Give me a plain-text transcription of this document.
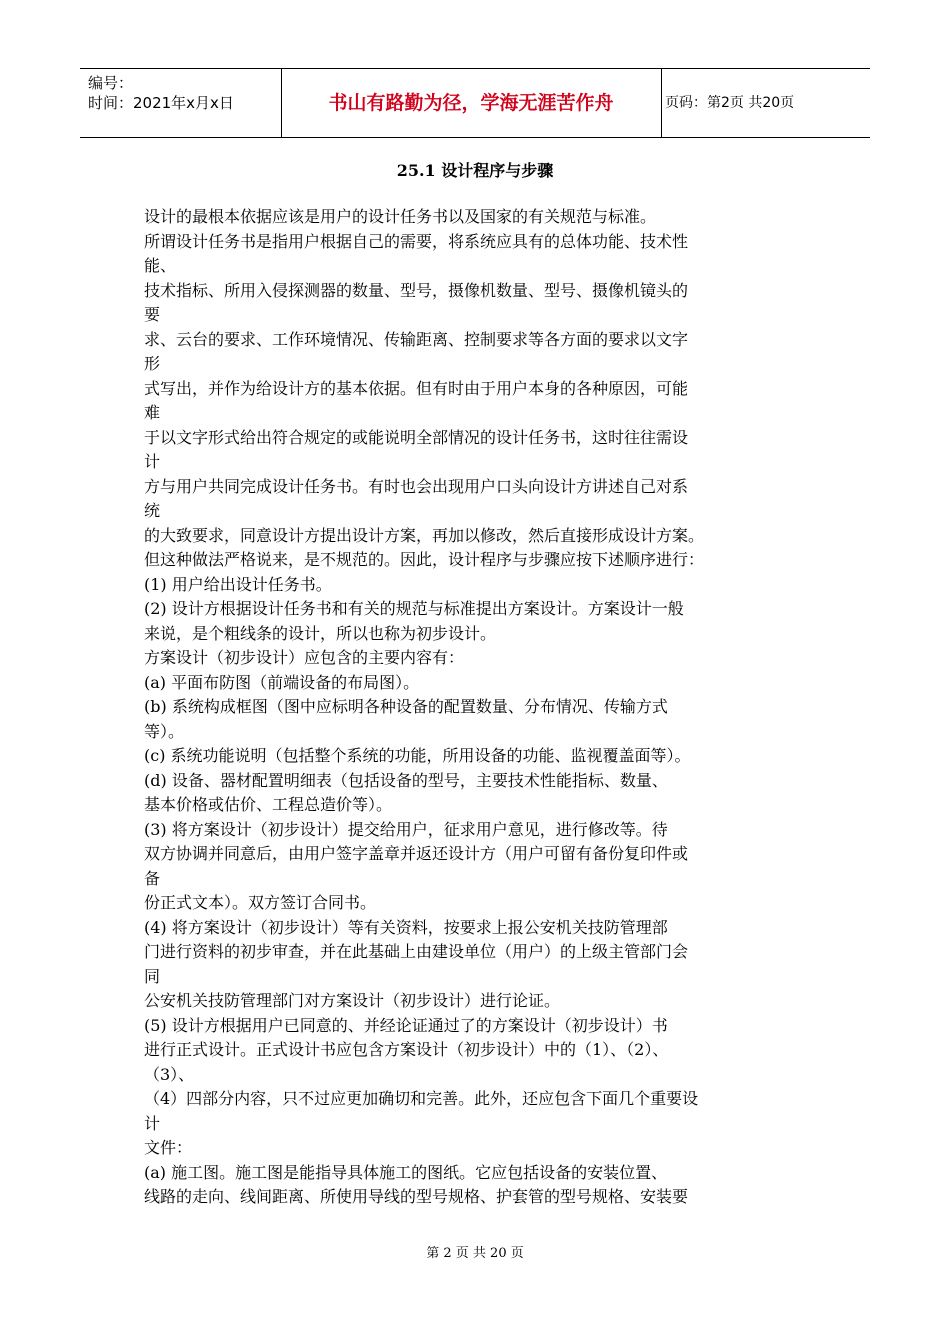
编号：
时间：2021年x月x日	书山有路勤为径，学海无涯苦作舟	页码：第2页 共20页
25.1 设计程序与步骤
设计的最根本依据应该是用户的设计任务书以及国家的有关规范与标准。
所谓设计任务书是指用户根据自己的需要，将系统应具有的总体功能、技术性
能、
技术指标、所用入侵探测器的数量、型号，摄像机数量、型号、摄像机镜头的
要
求、云台的要求、工作环境情况、传输距离、控制要求等各方面的要求以文字
形
式写出，并作为给设计方的基本依据。但有时由于用户本身的各种原因，可能
难
于以文字形式给出符合规定的或能说明全部情况的设计任务书，这时往往需设
计
方与用户共同完成设计任务书。有时也会出现用户口头向设计方讲述自己对系
统
的大致要求，同意设计方提出设计方案，再加以修改，然后直接形成设计方案。
但这种做法严格说来，是不规范的。因此，设计程序与步骤应按下述顺序进行：
(1) 用户给出设计任务书。
(2) 设计方根据设计任务书和有关的规范与标准提出方案设计。方案设计一般
来说，是个粗线条的设计，所以也称为初步设计。
方案设计（初步设计）应包含的主要内容有：
(a) 平面布防图（前端设备的布局图）。
(b) 系统构成框图（图中应标明各种设备的配置数量、分布情况、传输方式
等）。
(c) 系统功能说明（包括整个系统的功能，所用设备的功能、监视覆盖面等）。
(d) 设备、器材配置明细表（包括设备的型号，主要技术性能指标、数量、
基本价格或估价、工程总造价等）。
(3) 将方案设计（初步设计）提交给用户，征求用户意见，进行修改等。待
双方协调并同意后，由用户签字盖章并返还设计方（用户可留有备份复印件或
备
份正式文本）。双方签订合同书。
(4) 将方案设计（初步设计）等有关资料，按要求上报公安机关技防管理部
门进行资料的初步审查，并在此基础上由建设单位（用户）的上级主管部门会
同
公安机关技防管理部门对方案设计（初步设计）进行论证。
(5) 设计方根据用户已同意的、并经论证通过了的方案设计（初步设计）书
进行正式设计。正式设计书应包含方案设计（初步设计）中的（1）、（2）、
（3）、
（4）四部分内容，只不过应更加确切和完善。此外，还应包含下面几个重要设
计
文件：
(a) 施工图。施工图是能指导具体施工的图纸。它应包括设备的安装位置、
线路的走向、线间距离、所使用导线的型号规格、护套管的型号规格、安装要
第 2 页 共 20 页
